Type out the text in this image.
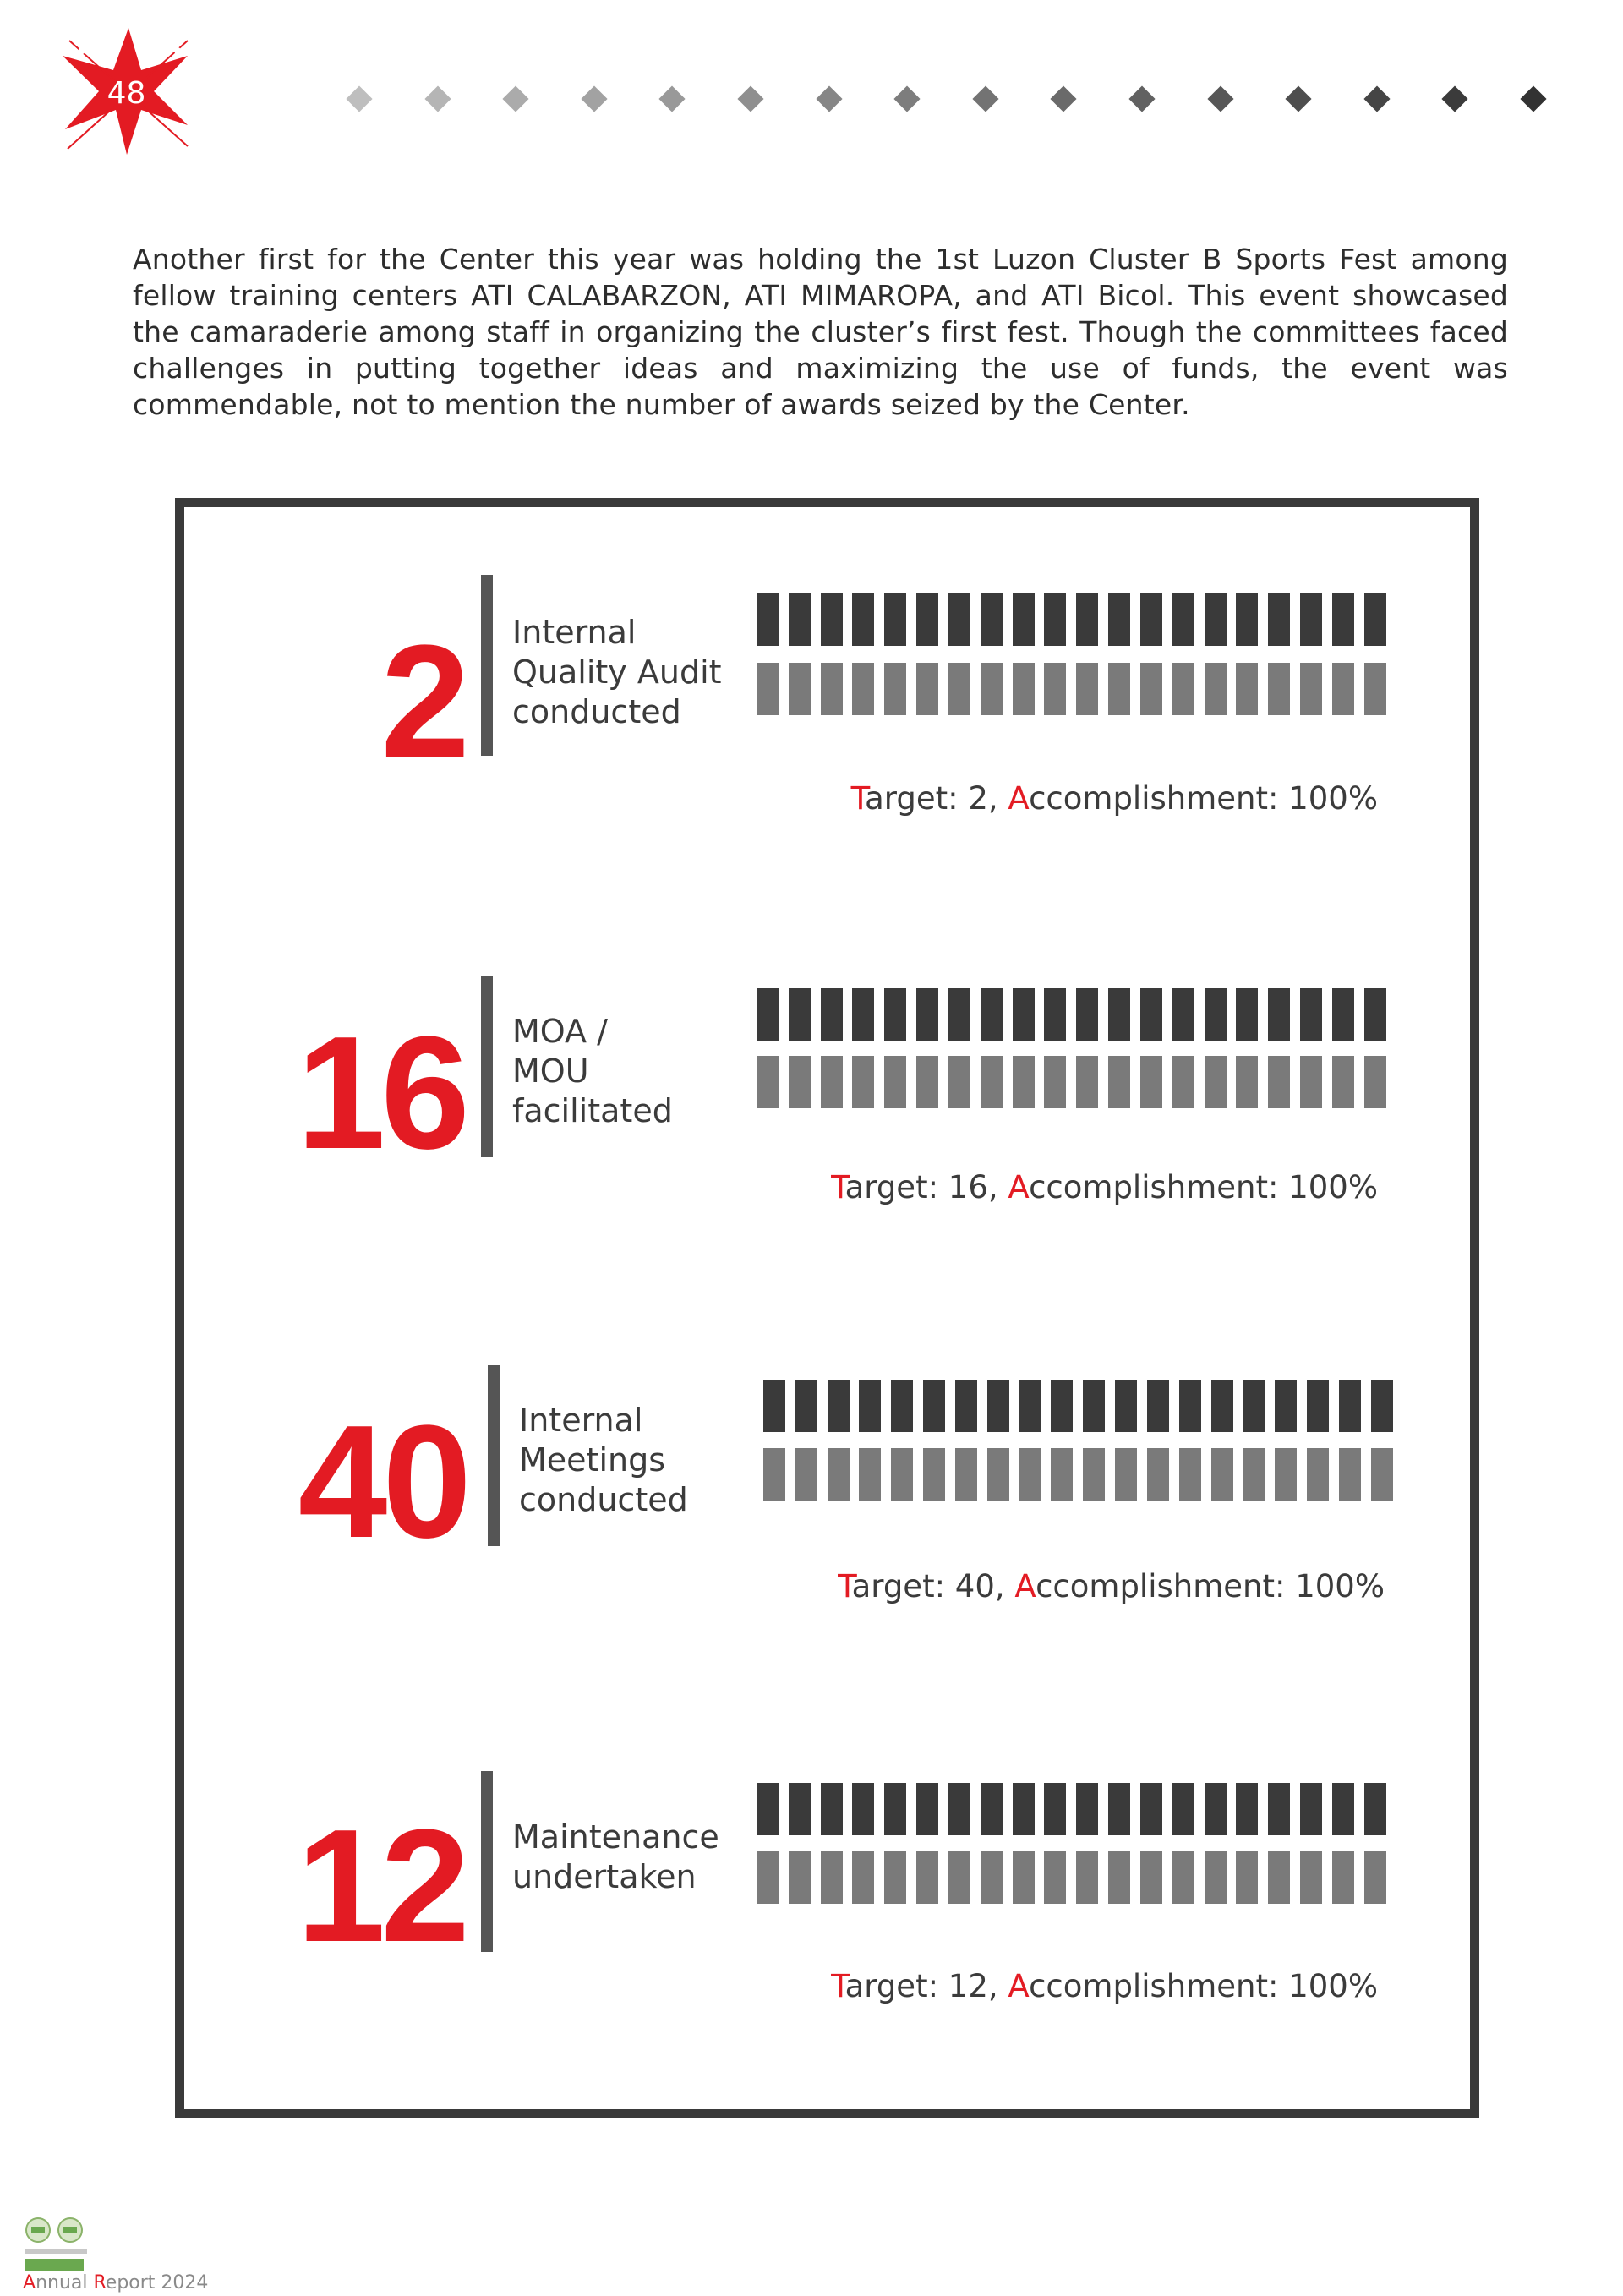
48

Another first for the Center this year was holding the 1st Luzon Cluster B Sports Fest among fellow training centers ATI CALABARZON, ATI MIMAROPA, and ATI Bicol. This event showcased the camaraderie among staff in organizing the cluster’s first fest. Though the committees faced challenges in putting together ideas and maximizing the use of funds, the event was commendable, not to mention the number of awards seized by the Center.

2 Internal
Quality Audit
conducted
Target: 2, Accomplishment: 100%
16 MOA /
MOU
facilitated
Target: 16, Accomplishment: 100%
40 Internal
Meetings
conducted
Target: 40, Accomplishment: 100%
12 Maintenance
undertaken
Target: 12, Accomplishment: 100%
Annual Report 2024
